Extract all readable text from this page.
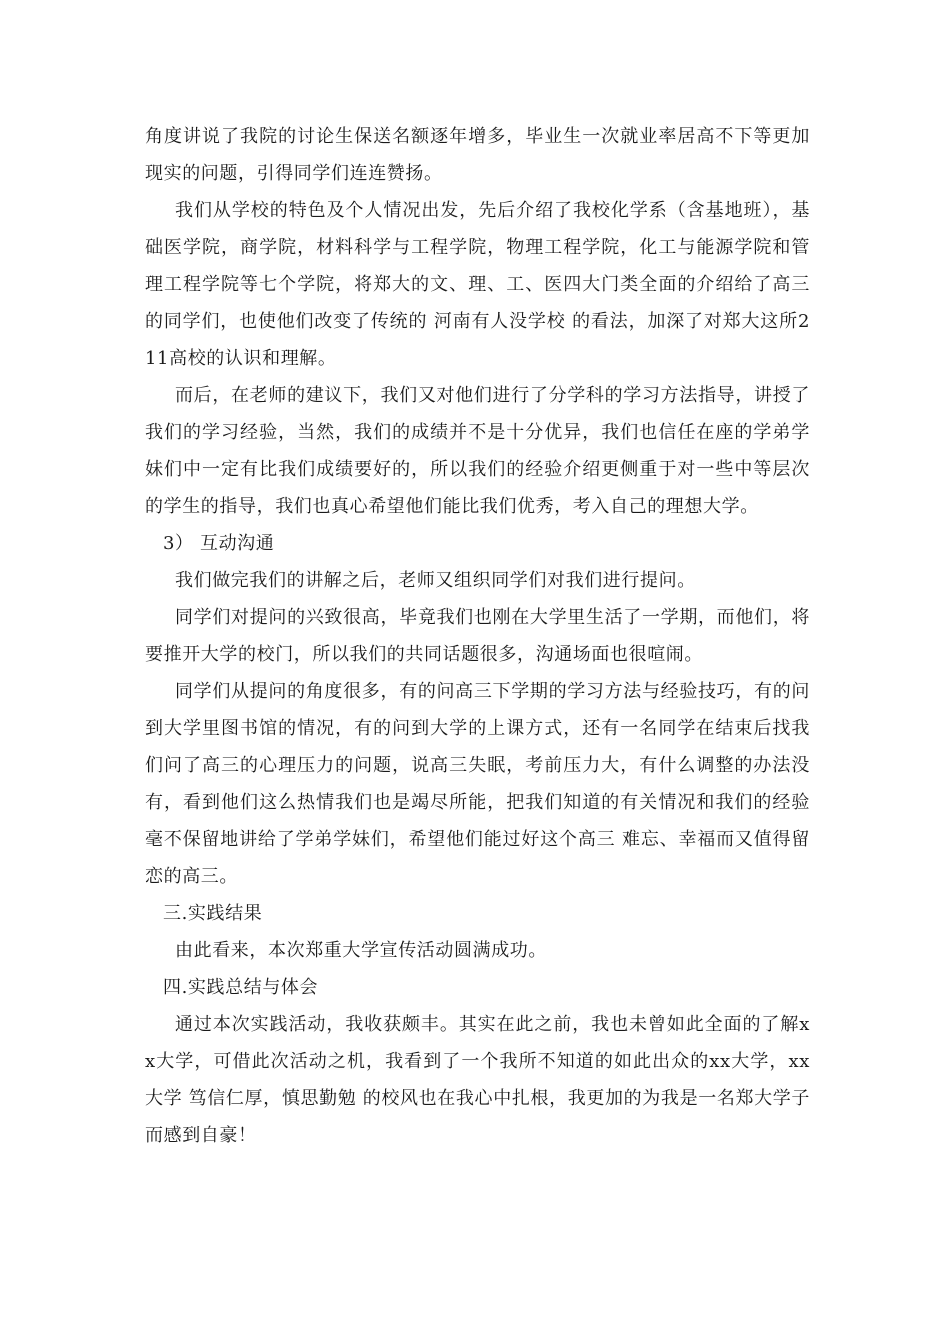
角度讲说了我院的讨论生保送名额逐年增多，毕业生一次就业率居高不下等更加现实的问题，引得同学们连连赞扬。

我们从学校的特色及个人情况出发，先后介绍了我校化学系（含基地班），基础医学院，商学院，材料科学与工程学院，物理工程学院，化工与能源学院和管理工程学院等七个学院，将郑大的文、理、工、医四大门类全面的介绍给了高三的同学们，也使他们改变了传统的 河南有人没学校 的看法，加深了对郑大这所211高校的认识和理解。

而后，在老师的建议下，我们又对他们进行了分学科的学习方法指导，讲授了我们的学习经验，当然，我们的成绩并不是十分优异，我们也信任在座的学弟学妹们中一定有比我们成绩要好的，所以我们的经验介绍更侧重于对一些中等层次的学生的指导，我们也真心希望他们能比我们优秀，考入自己的理想大学。

3） 互动沟通

我们做完我们的讲解之后，老师又组织同学们对我们进行提问。

同学们对提问的兴致很高，毕竟我们也刚在大学里生活了一学期，而他们，将要推开大学的校门，所以我们的共同话题很多，沟通场面也很喧闹。

同学们从提问的角度很多，有的问高三下学期的学习方法与经验技巧，有的问到大学里图书馆的情况，有的问到大学的上课方式，还有一名同学在结束后找我们问了高三的心理压力的问题，说高三失眠，考前压力大，有什么调整的办法没有，看到他们这么热情我们也是竭尽所能，把我们知道的有关情况和我们的经验毫不保留地讲给了学弟学妹们，希望他们能过好这个高三 难忘、幸福而又值得留恋的高三。

三.实践结果

由此看来，本次郑重大学宣传活动圆满成功。

四.实践总结与体会

通过本次实践活动，我收获颇丰。其实在此之前，我也未曾如此全面的了解xx大学，可借此次活动之机，我看到了一个我所不知道的如此出众的xx大学，xx大学 笃信仁厚，慎思勤勉 的校风也在我心中扎根，我更加的为我是一名郑大学子而感到自豪！
